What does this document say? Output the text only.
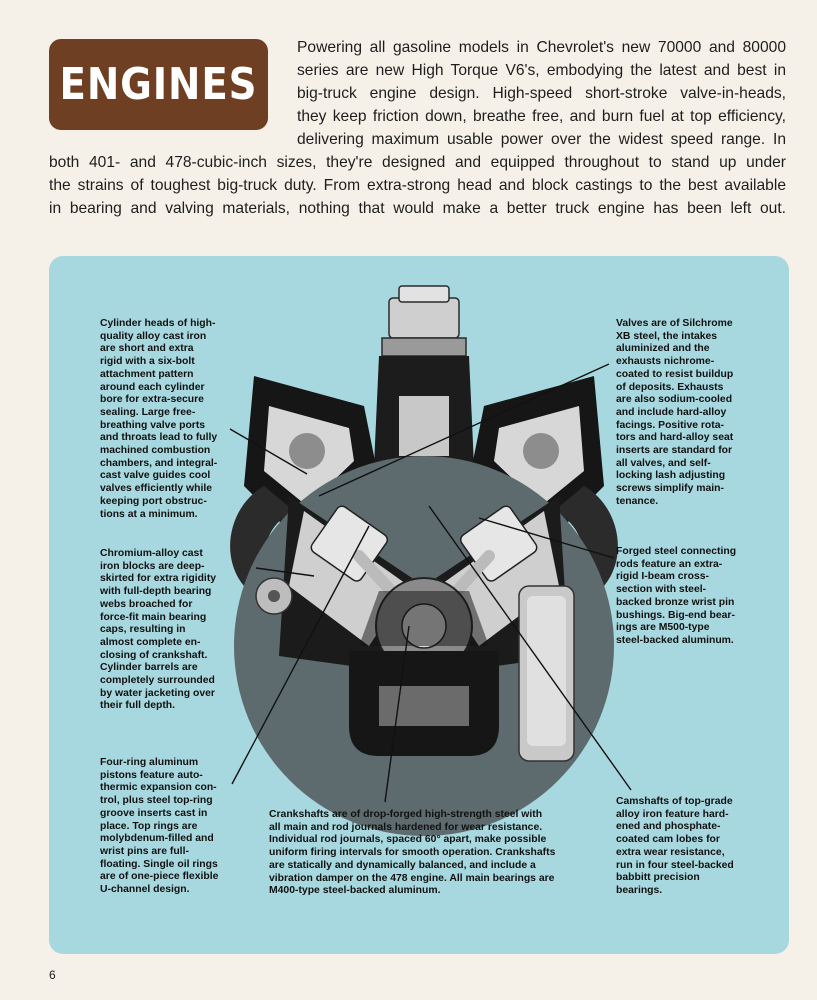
ENGINES
Powering all gasoline models in Chevrolet's new 70000 and 80000
series are new High Torque V6's, embodying the latest and best in
big-truck engine design. High-speed short-stroke valve-in-heads,
they keep friction down, breathe free, and burn fuel at top efficiency,
delivering maximum usable power over the widest speed range. In
both 401- and 478-cubic-inch sizes, they're designed and equipped throughout to stand up under
the strains of toughest big-truck duty. From extra-strong head and block castings to the best available
in bearing and valving materials, nothing that would make a better truck engine has been left out.
Cylinder heads of high-
quality alloy cast iron
are short and extra
rigid with a six-bolt
attachment pattern
around each cylinder
bore for extra-secure
sealing. Large free-
breathing valve ports
and throats lead to fully
machined combustion
chambers, and integral-
cast valve guides cool
valves efficiently while
keeping port obstruc-
tions at a minimum.
Chromium-alloy cast
iron blocks are deep-
skirted for extra rigidity
with full-depth bearing
webs broached for
force-fit main bearing
caps, resulting in
almost complete en-
closing of crankshaft.
Cylinder barrels are
completely surrounded
by water jacketing over
their full depth.
Four-ring aluminum
pistons feature auto-
thermic expansion con-
trol, plus steel top-ring
groove inserts cast in
place. Top rings are
molybdenum-filled and
wrist pins are full-
floating. Single oil rings
are of one-piece flexible
U-channel design.
Crankshafts are of drop-forged high-strength steel with
all main and rod journals hardened for wear resistance.
Individual rod journals, spaced 60° apart, make possible
uniform firing intervals for smooth operation. Crankshafts
are statically and dynamically balanced, and include a
vibration damper on the 478 engine. All main bearings are
M400-type steel-backed aluminum.
Valves are of Silchrome
XB steel, the intakes
aluminized and the
exhausts nichrome-
coated to resist buildup
of deposits. Exhausts
are also sodium-cooled
and include hard-alloy
facings. Positive rota-
tors and hard-alloy seat
inserts are standard for
all valves, and self-
locking lash adjusting
screws simplify main-
tenance.
Forged steel connecting
rods feature an extra-
rigid I-beam cross-
section with steel-
backed bronze wrist pin
bushings. Big-end bear-
ings are M500-type
steel-backed aluminum.
Camshafts of top-grade
alloy iron feature hard-
ened and phosphate-
coated cam lobes for
extra wear resistance,
run in four steel-backed
babbitt precision
bearings.
6
